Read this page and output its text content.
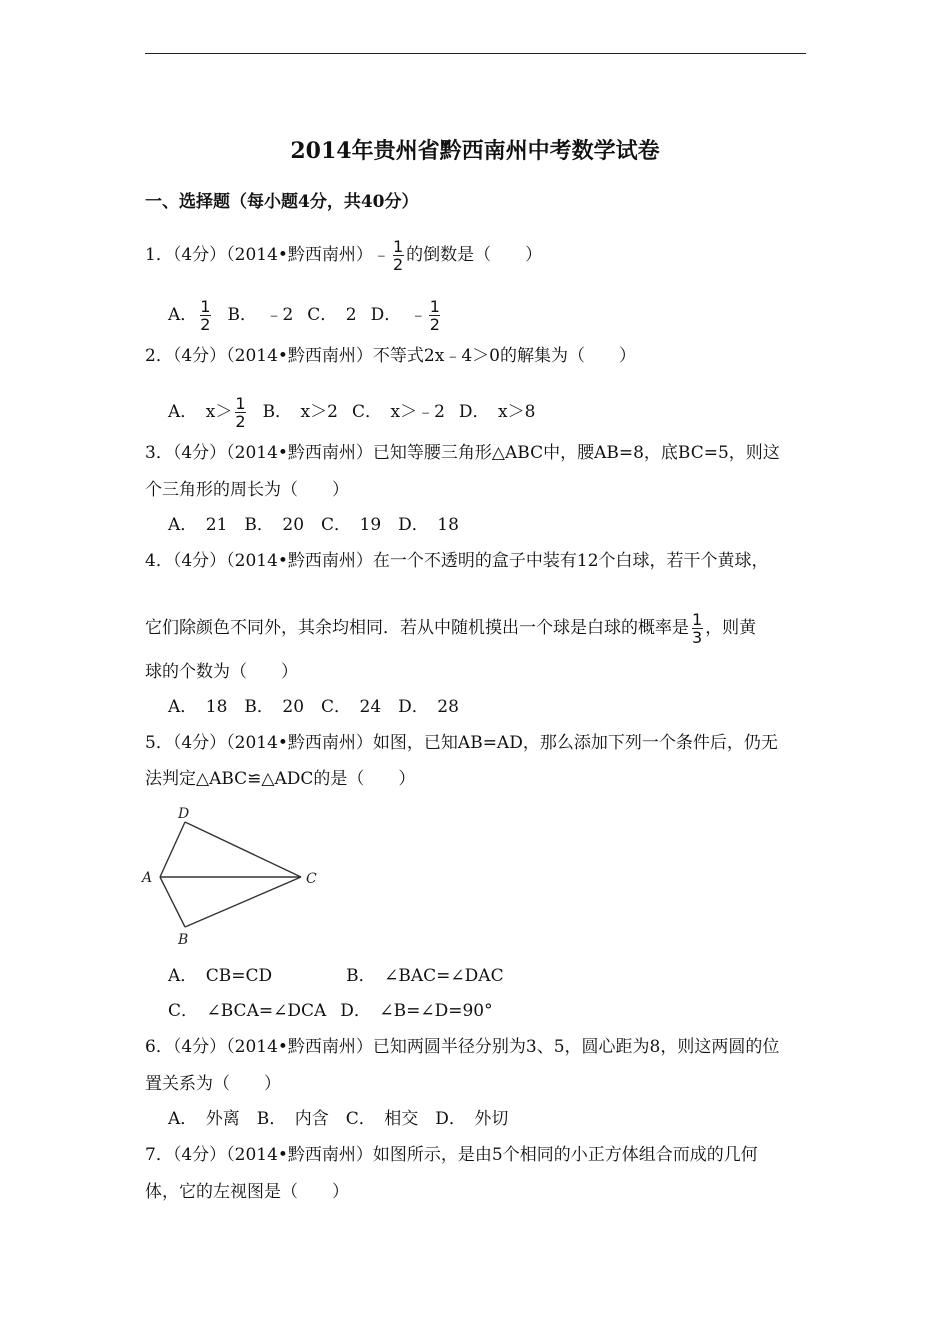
2014年贵州省黔西南州中考数学试卷
一、选择题（每小题4分，共40分）
1．（4分）（2014•黔西南州）﹣ $\frac{1}{2}$ 的倒数是（　　）
A． $\frac{1}{2}$ B．　﹣2 C．　2 D．　﹣ $\frac{1}{2}$
2．（4分）（2014•黔西南州）不等式2x﹣4＞0的解集为（　　）
A．　$x> \frac{1}{2}$ B．　x＞2 C．　x＞﹣2 D．　x＞8
3．（4分）（2014•黔西南州）已知等腰三角形△ABC中，腰AB=8，底BC=5，则这
个三角形的周长为（　　）
A．　21　B．　20　C．　19　D．　18
4．（4分）（2014•黔西南州）在一个不透明的盒子中装有12个白球，若干个黄球，
它们除颜色不同外，其余均相同．若从中随机摸出一个球是白球的概率是 $\frac{1}{3}$ ，则黄
球的个数为（　　）
A．　18　B．　20　C．　24　D．　28
5．（4分）（2014•黔西南州）如图，已知AB=AD，那么添加下列一个条件后，仍无
法判定△ABC≌△ADC的是（　　）
D
A	C
B
A．　CB=CD	B．　∠BAC=∠DAC
C．　∠BCA=∠DCA D．　∠B=∠D=90°
6．（4分）（2014•黔西南州）已知两圆半径分别为3、5，圆心距为8，则这两圆的位
置关系为（　　）
A．　外离　B．　内含　C．　相交　D．　外切
7．（4分）（2014•黔西南州）如图所示，是由5个相同的小正方体组合而成的几何
体，它的左视图是（　　）
